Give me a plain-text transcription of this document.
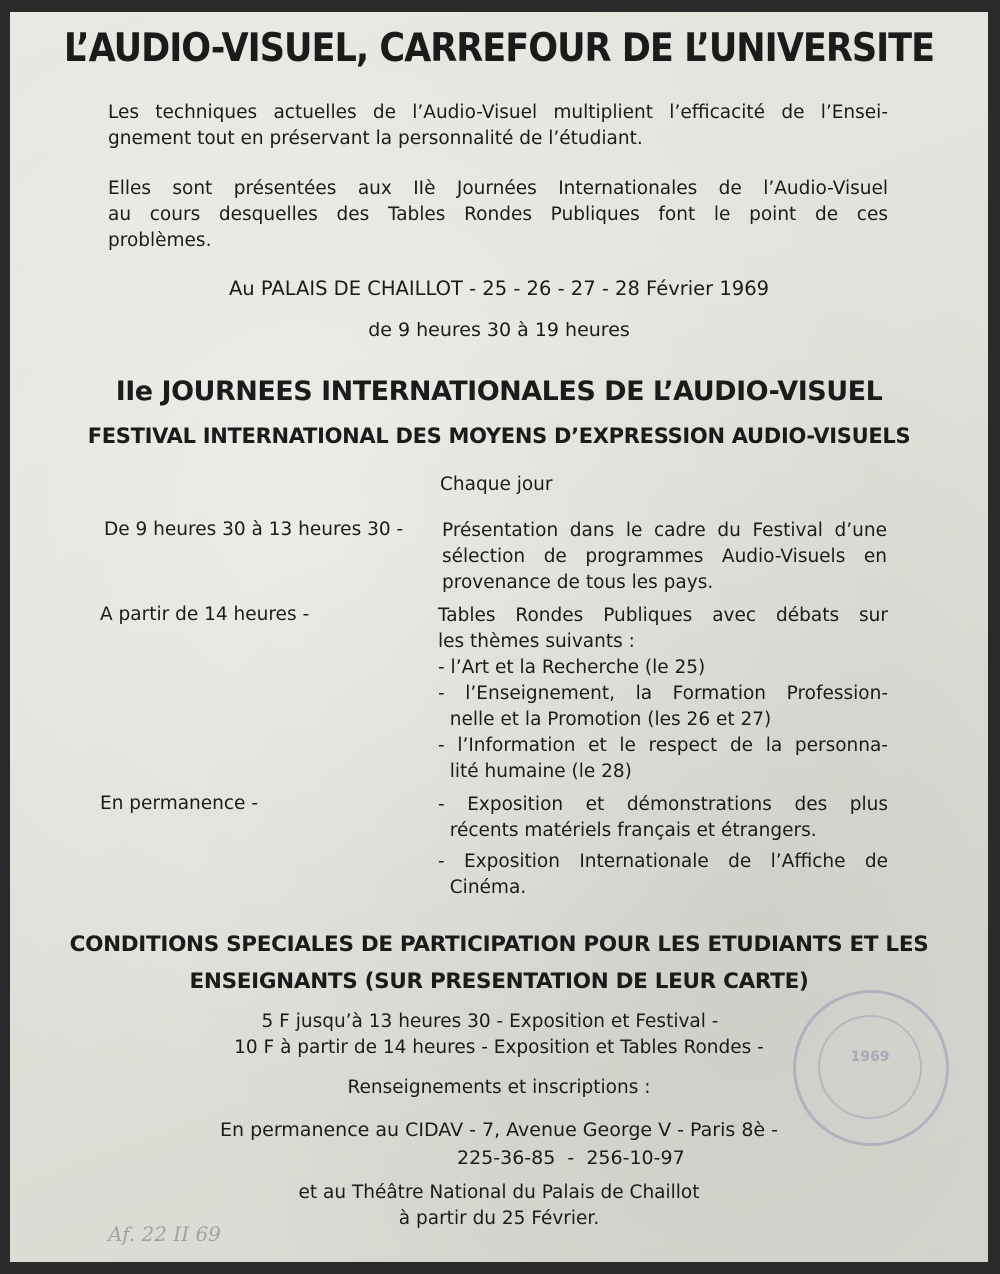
L’AUDIO-VISUEL, CARREFOUR DE L’UNIVERSITE
Les techniques actuelles de l’Audio-Visuel multiplient l’efficacité de l’Ensei-
gnement tout en préservant la personnalité de l’étudiant.
Elles sont présentées aux IIè Journées Internationales de l’Audio-Visuel
au cours desquelles des Tables Rondes Publiques font le point de ces
problèmes.
Au PALAIS DE CHAILLOT - 25 - 26 - 27 - 28 Février 1969
de 9 heures 30 à 19 heures
IIe JOURNEES INTERNATIONALES DE L’AUDIO-VISUEL
FESTIVAL INTERNATIONAL DES MOYENS D’EXPRESSION AUDIO-VISUELS
Chaque jour
De 9 heures 30 à 13 heures 30 - Présentation dans le cadre du Festival d’une
sélection de programmes Audio-Visuels en
provenance de tous les pays.
A partir de 14 heures -	Tables Rondes Publiques avec débats sur
les thèmes suivants :
- l’Art et la Recherche (le 25)
- l’Enseignement, la Formation Profession-
nelle et la Promotion (les 26 et 27)
- l’Information et le respect de la personna-
lité humaine (le 28)
En permanence -	- Exposition et démonstrations des plus
récents matériels français et étrangers.
- Exposition Internationale de l’Affiche de
Cinéma.
CONDITIONS SPECIALES DE PARTICIPATION POUR LES ETUDIANTS ET LES
ENSEIGNANTS (SUR PRESENTATION DE LEUR CARTE)
5 F jusqu’à 13 heures 30 - Exposition et Festival -
10 F à partir de 14 heures - Exposition et Tables Rondes -
Renseignements et inscriptions :
En permanence au CIDAV - 7, Avenue George V - Paris 8è -
225-36-85  -  256-10-97
et au Théâtre National du Palais de Chaillot
à partir du 25 Février.
1969
Af. 22 II 69
